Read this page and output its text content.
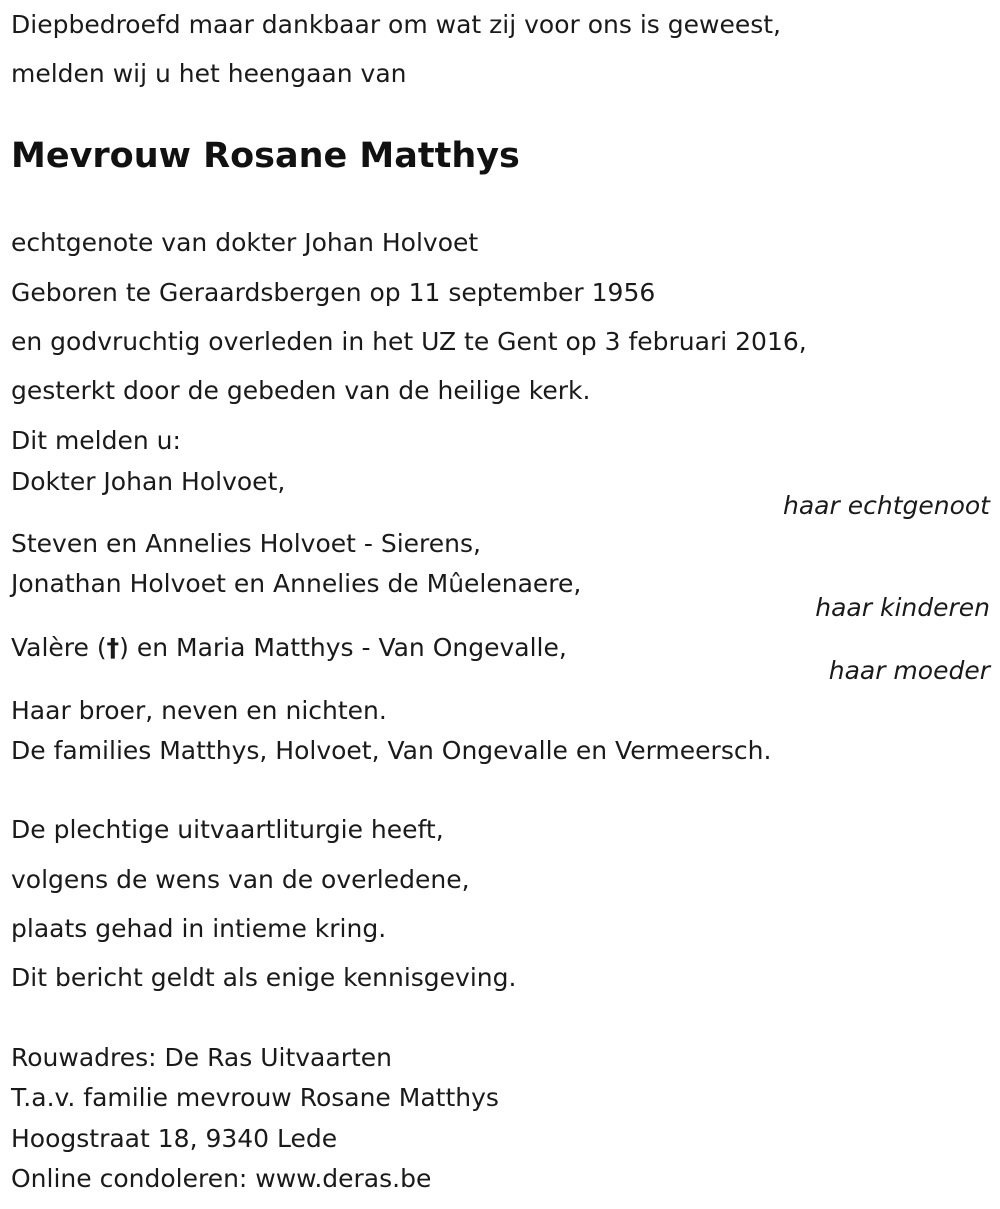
Diepbedroefd maar dankbaar om wat zij voor ons is geweest,
melden wij u het heengaan van
Mevrouw Rosane Matthys
echtgenote van dokter Johan Holvoet
Geboren te Geraardsbergen op 11 september 1956
en godvruchtig overleden in het UZ te Gent op 3 februari 2016,
gesterkt door de gebeden van de heilige kerk.
Dit melden u:
Dokter Johan Holvoet,
haar echtgenoot
Steven en Annelies Holvoet - Sierens,
Jonathan Holvoet en Annelies de Mûelenaere,
haar kinderen
Valère (†) en Maria Matthys - Van Ongevalle,
haar moeder
Haar broer, neven en nichten.
De families Matthys, Holvoet, Van Ongevalle en Vermeersch.
De plechtige uitvaartliturgie heeft,
volgens de wens van de overledene,
plaats gehad in intieme kring.
Dit bericht geldt als enige kennisgeving.
Rouwadres: De Ras Uitvaarten
T.a.v. familie mevrouw Rosane Matthys
Hoogstraat 18, 9340 Lede
Online condoleren: www.deras.be
